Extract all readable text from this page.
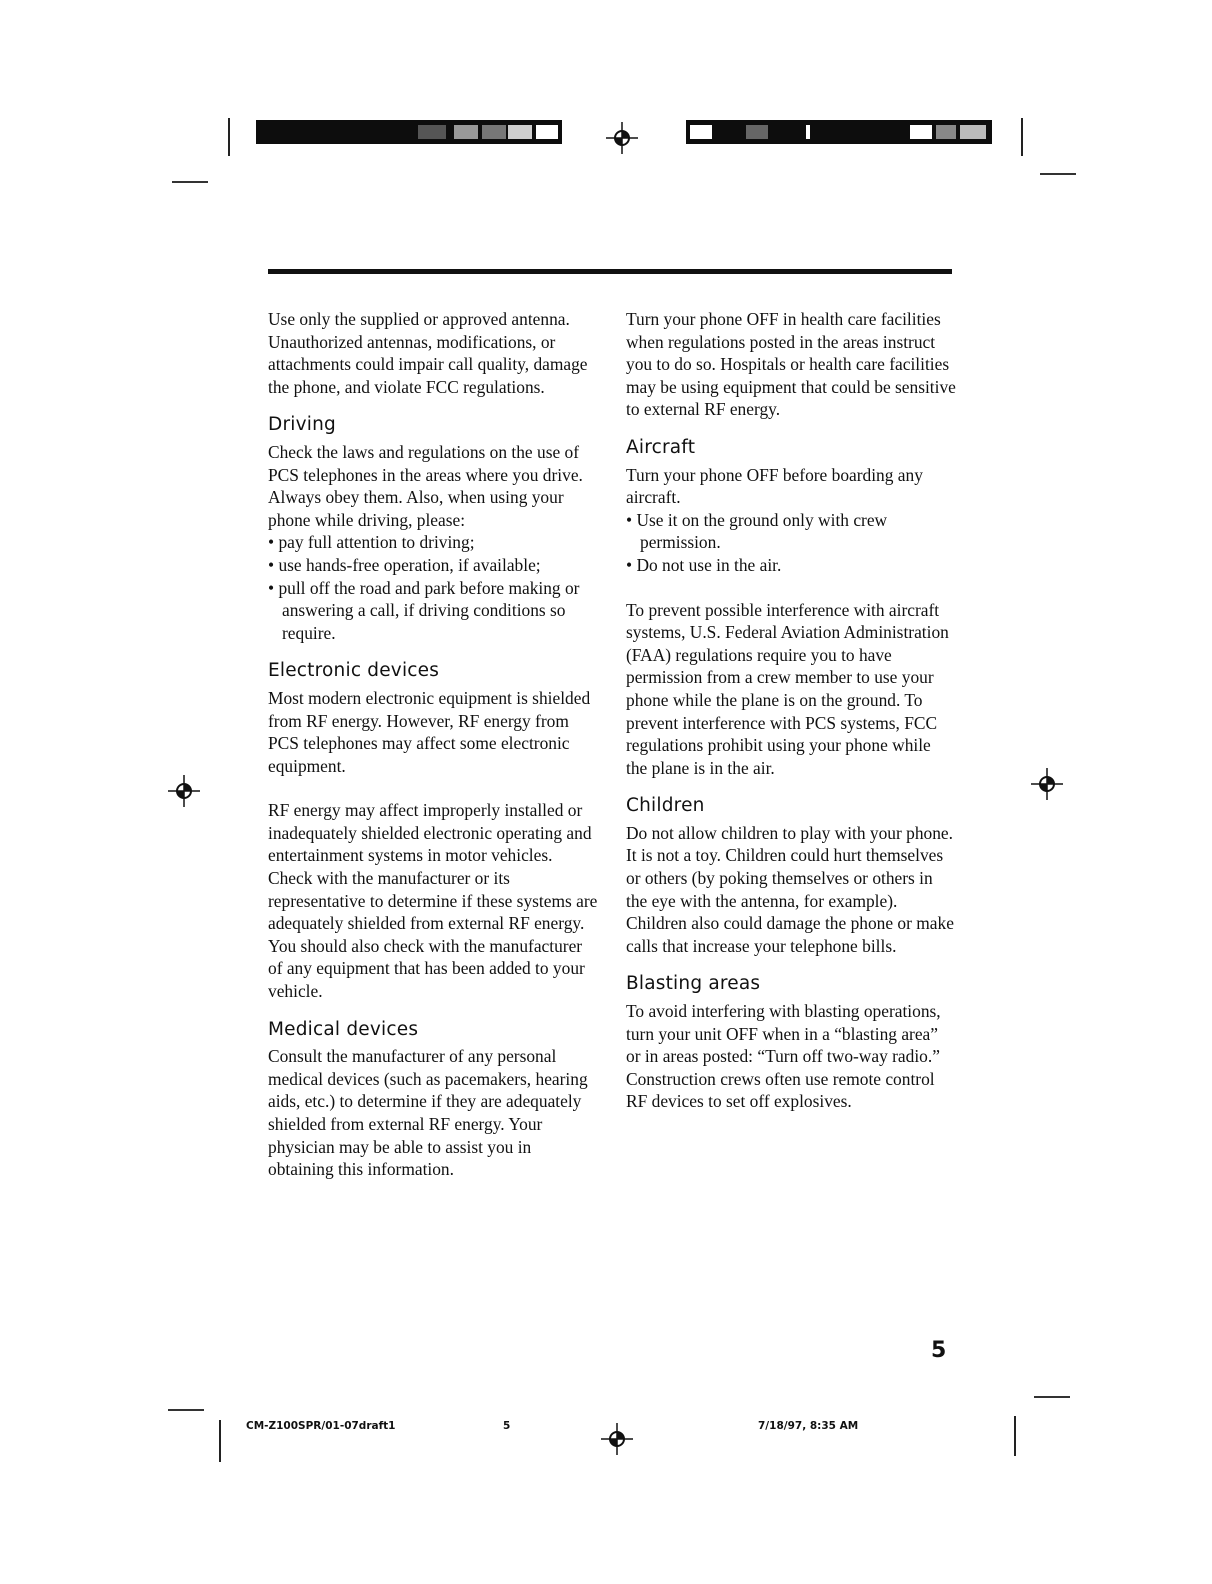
Use only the supplied or approved antenna. Unauthorized antennas, modifications, or attachments could impair call quality, damage the phone, and violate FCC regulations.

Driving

Check the laws and regulations on the use of PCS telephones in the areas where you drive. Always obey them. Also, when using your phone while driving, please:

• pay full attention to driving;
• use hands-free operation, if available;
• pull off the road and park before making or answering a call, if driving conditions so require.
Electronic devices

Most modern electronic equipment is shielded from RF energy. However, RF energy from PCS telephones may affect some electronic equipment.

RF energy may affect improperly installed or inadequately shielded electronic operating and entertainment systems in motor vehicles. Check with the manufacturer or its representative to determine if these systems are adequately shielded from external RF energy. You should also check with the manufacturer of any equipment that has been added to your vehicle.

Medical devices

Consult the manufacturer of any personal medical devices (such as pacemakers, hearing aids, etc.) to determine if they are adequately shielded from external RF energy. Your physician may be able to assist you in obtaining this information.

Turn your phone OFF in health care facilities when regulations posted in the areas instruct you to do so. Hospitals or health care facilities may be using equipment that could be sensitive to external RF energy.

Aircraft

Turn your phone OFF before boarding any aircraft.

• Use it on the ground only with crew permission.
• Do not use in the air.

To prevent possible interference with aircraft systems, U.S. Federal Aviation Administration (FAA) regulations require you to have permission from a crew member to use your phone while the plane is on the ground. To prevent interference with PCS systems, FCC regulations prohibit using your phone while the plane is in the air.

Children

Do not allow children to play with your phone. It is not a toy. Children could hurt themselves or others (by poking themselves or others in the eye with the antenna, for example). Children also could damage the phone or make calls that increase your telephone bills.

Blasting areas

To avoid interfering with blasting operations, turn your unit OFF when in a “blasting area” or in areas posted: “Turn off two-way radio.” Construction crews often use remote control RF devices to set off explosives.

5
CM-Z100SPR/01-07draft1	5	7/18/97, 8:35 AM
